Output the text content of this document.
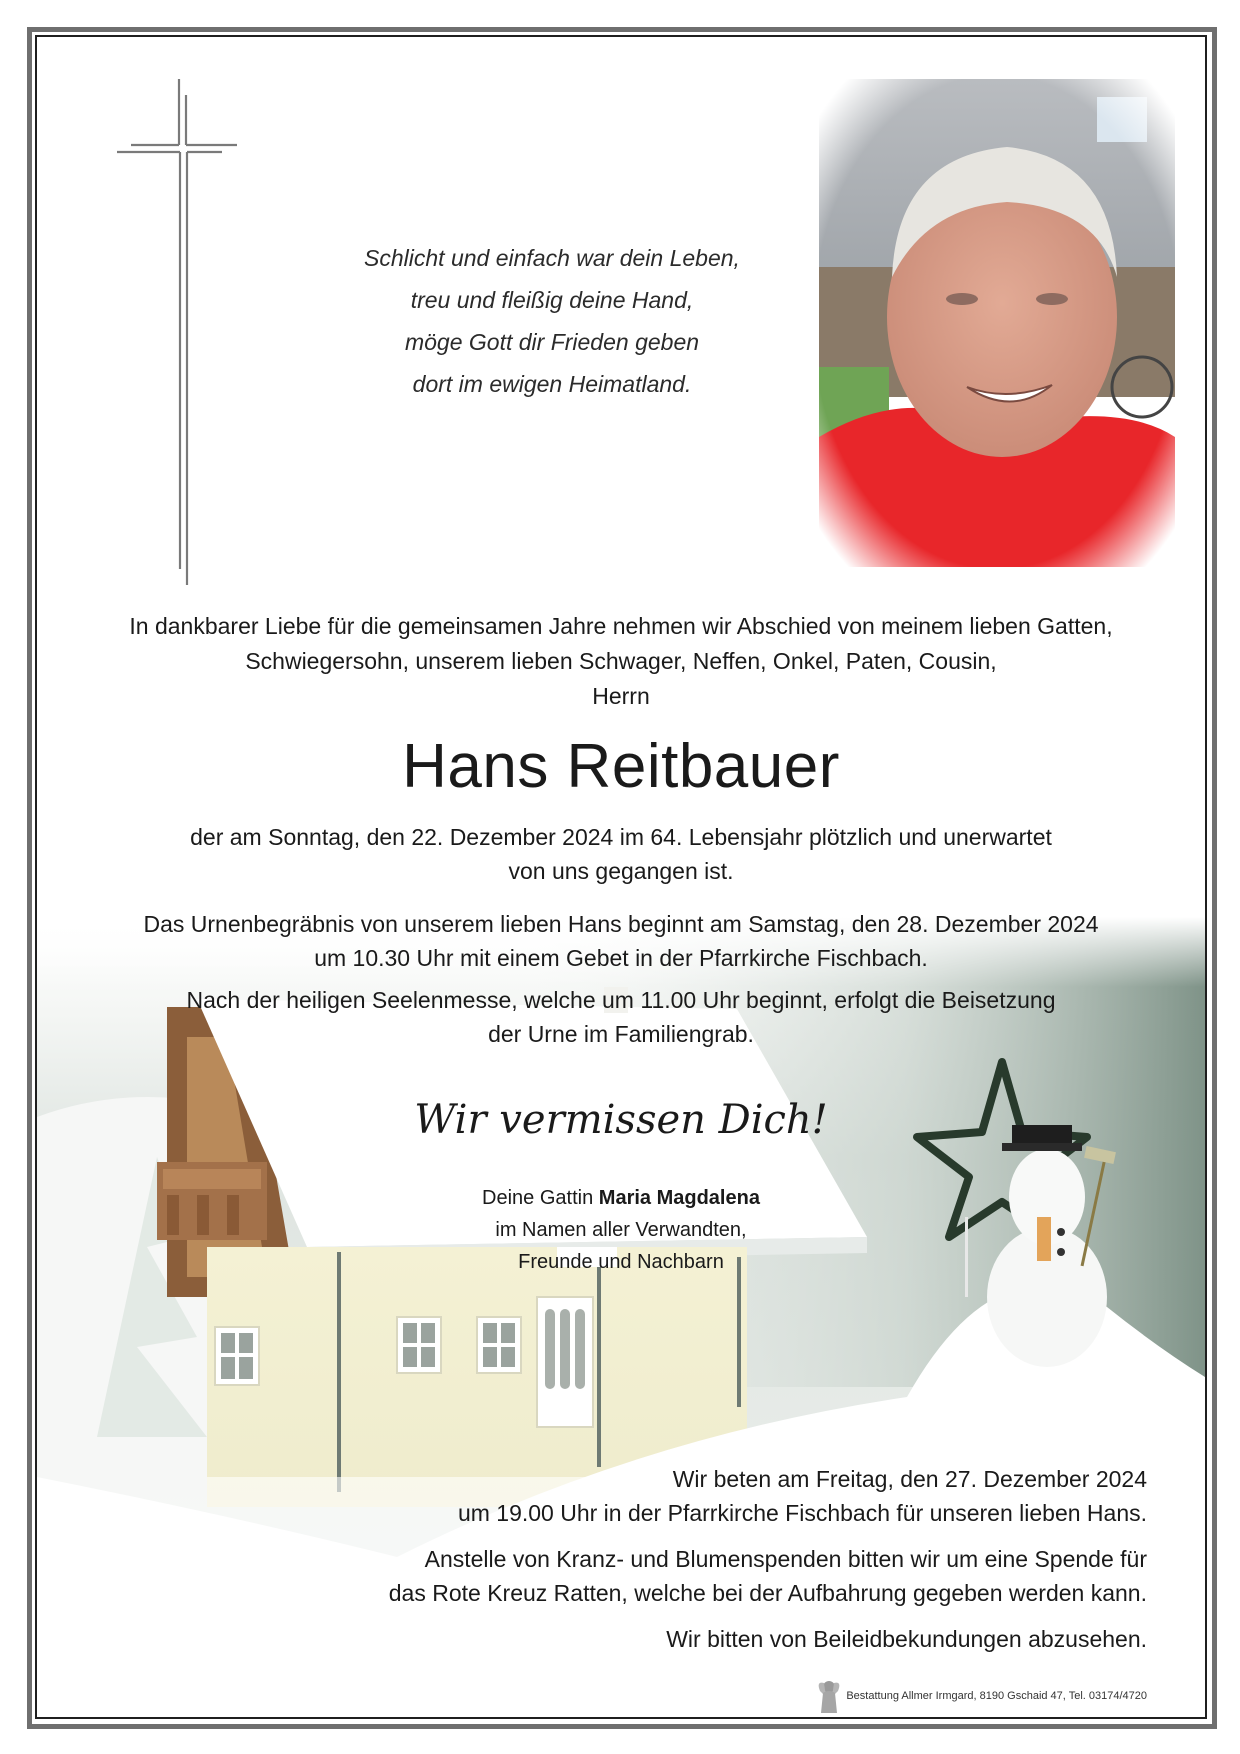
Schlicht und einfach war dein Leben,
treu und fleißig deine Hand,
möge Gott dir Frieden geben
dort im ewigen Heimatland.
In dankbarer Liebe für die gemeinsamen Jahre nehmen wir Abschied von meinem lieben Gatten,
Schwiegersohn, unserem lieben Schwager, Neffen, Onkel, Paten, Cousin,
Herrn
Hans Reitbauer
der am Sonntag, den 22. Dezember 2024 im 64. Lebensjahr plötzlich und unerwartet
von uns gegangen ist.
Das Urnenbegräbnis von unserem lieben Hans beginnt am Samstag, den 28. Dezember 2024
um 10.30 Uhr mit einem Gebet in der Pfarrkirche Fischbach.
Nach der heiligen Seelenmesse, welche um 11.00 Uhr beginnt, erfolgt die Beisetzung
der Urne im Familiengrab.
Wir vermissen Dich!
Deine Gattin Maria Magdalena
im Namen aller Verwandten,
Freunde und Nachbarn
Wir beten am Freitag, den 27. Dezember 2024
um 19.00 Uhr in der Pfarrkirche Fischbach für unseren lieben Hans.
Anstelle von Kranz- und Blumenspenden bitten wir um eine Spende für
das Rote Kreuz Ratten, welche bei der Aufbahrung gegeben werden kann.
Wir bitten von Beileidbekundungen abzusehen.
Bestattung Allmer Irmgard, 8190 Gschaid 47, Tel. 03174/4720
